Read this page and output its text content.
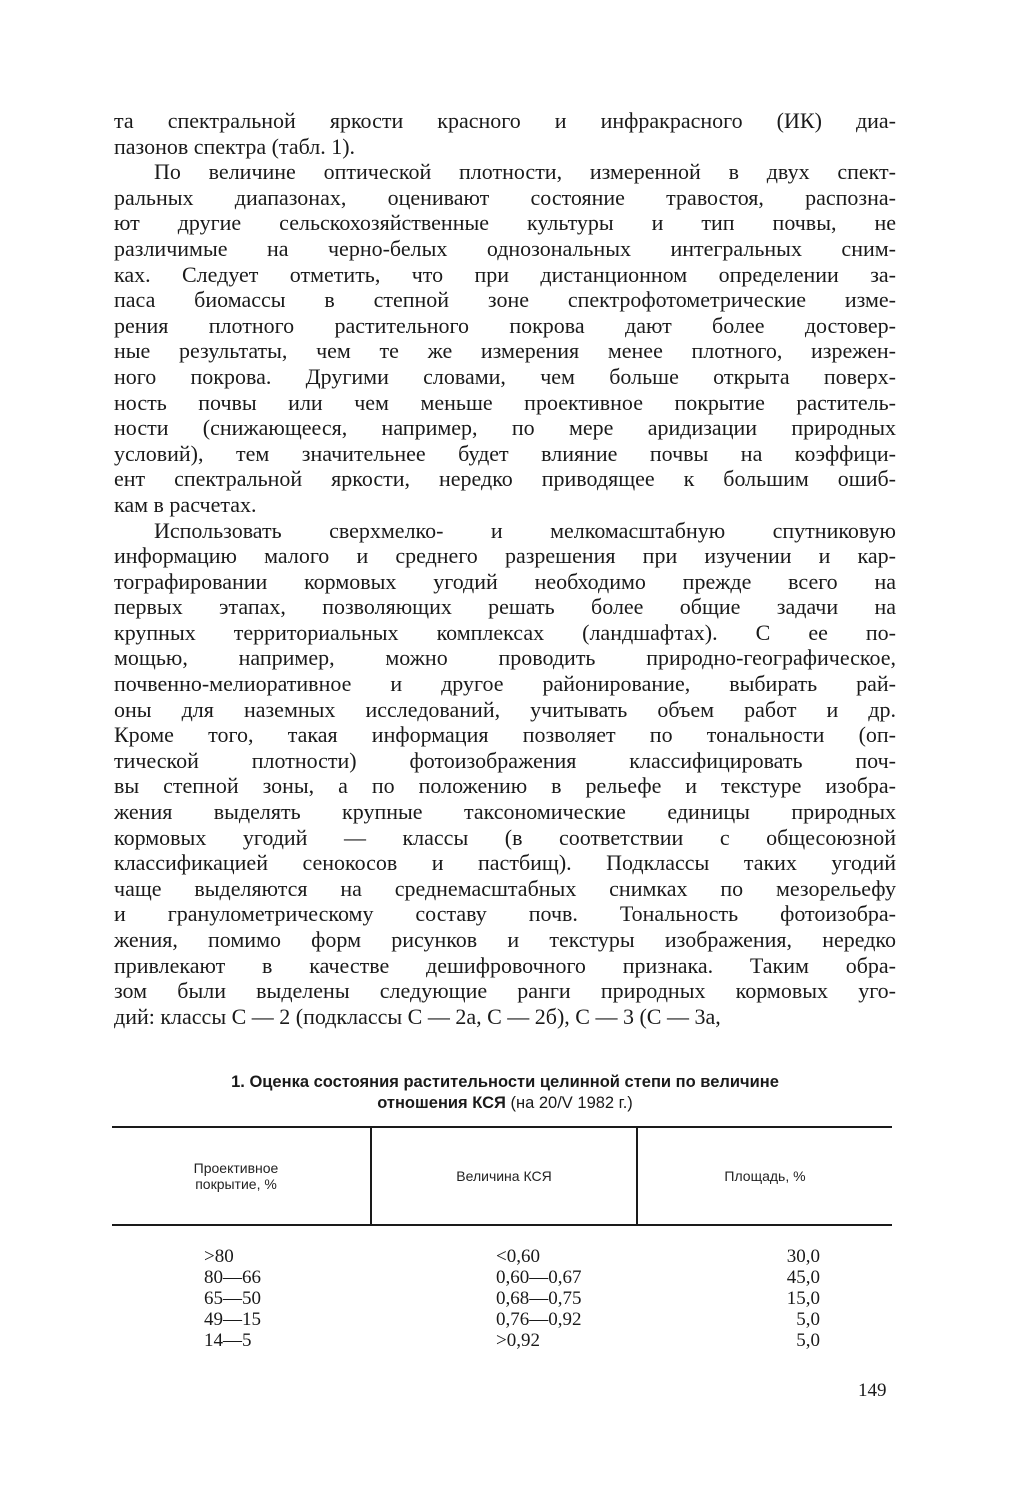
та спектральной яркости красного и инфракрасного (ИК) диа-
пазонов спектра (табл. 1).
По величине оптической плотности, измеренной в двух спект-
ральных диапазонах, оценивают состояние травостоя, распозна-
ют другие сельскохозяйственные культуры и тип почвы, не
различимые на черно-белых однозональных интегральных сним-
ках. Следует отметить, что при дистанционном определении за-
паса биомассы в степной зоне спектрофотометрические изме-
рения плотного растительного покрова дают более достовер-
ные результаты, чем те же измерения менее плотного, изрежен-
ного покрова. Другими словами, чем больше открыта поверх-
ность почвы или чем меньше проективное покрытие раститель-
ности (снижающееся, например, по мере аридизации природных
условий), тем значительнее будет влияние почвы на коэффици-
ент спектральной яркости, нередко приводящее к большим ошиб-
кам в расчетах.
Использовать сверхмелко- и мелкомасштабную спутниковую
информацию малого и среднего разрешения при изучении и кар-
тографировании кормовых угодий необходимо прежде всего на
первых этапах, позволяющих решать более общие задачи на
крупных территориальных комплексах (ландшафтах). С ее по-
мощью, например, можно проводить природно-географическое,
почвенно-мелиоративное и другое районирование, выбирать рай-
оны для наземных исследований, учитывать объем работ и др.
Кроме того, такая информация позволяет по тональности (оп-
тической плотности) фотоизображения классифицировать поч-
вы степной зоны, а по положению в рельефе и текстуре изобра-
жения выделять крупные таксономические единицы природных
кормовых угодий — классы (в соответствии с общесоюзной
классификацией сенокосов и пастбищ). Подклассы таких угодий
чаще выделяются на среднемасштабных снимках по мезорельефу
и гранулометрическому составу почв. Тональность фотоизобра-
жения, помимо форм рисунков и текстуры изображения, нередко
привлекают в качестве дешифровочного признака. Таким обра-
зом были выделены следующие ранги природных кормовых уго-
дий: классы С — 2 (подклассы С — 2а, С — 2б), С — 3 (С — 3а,
1. Оценка состояния растительности целинной степи по величине
отношения КСЯ (на 20/V 1982 г.)
Проективное покрытие, %	Величина КСЯ	Площадь, %
>80
80—66
65—50
49—15
14—5
<0,60
0,60—0,67
0,68—0,75
0,76—0,92
>0,92
30,0
45,0
15,0
5,0
5,0
149
